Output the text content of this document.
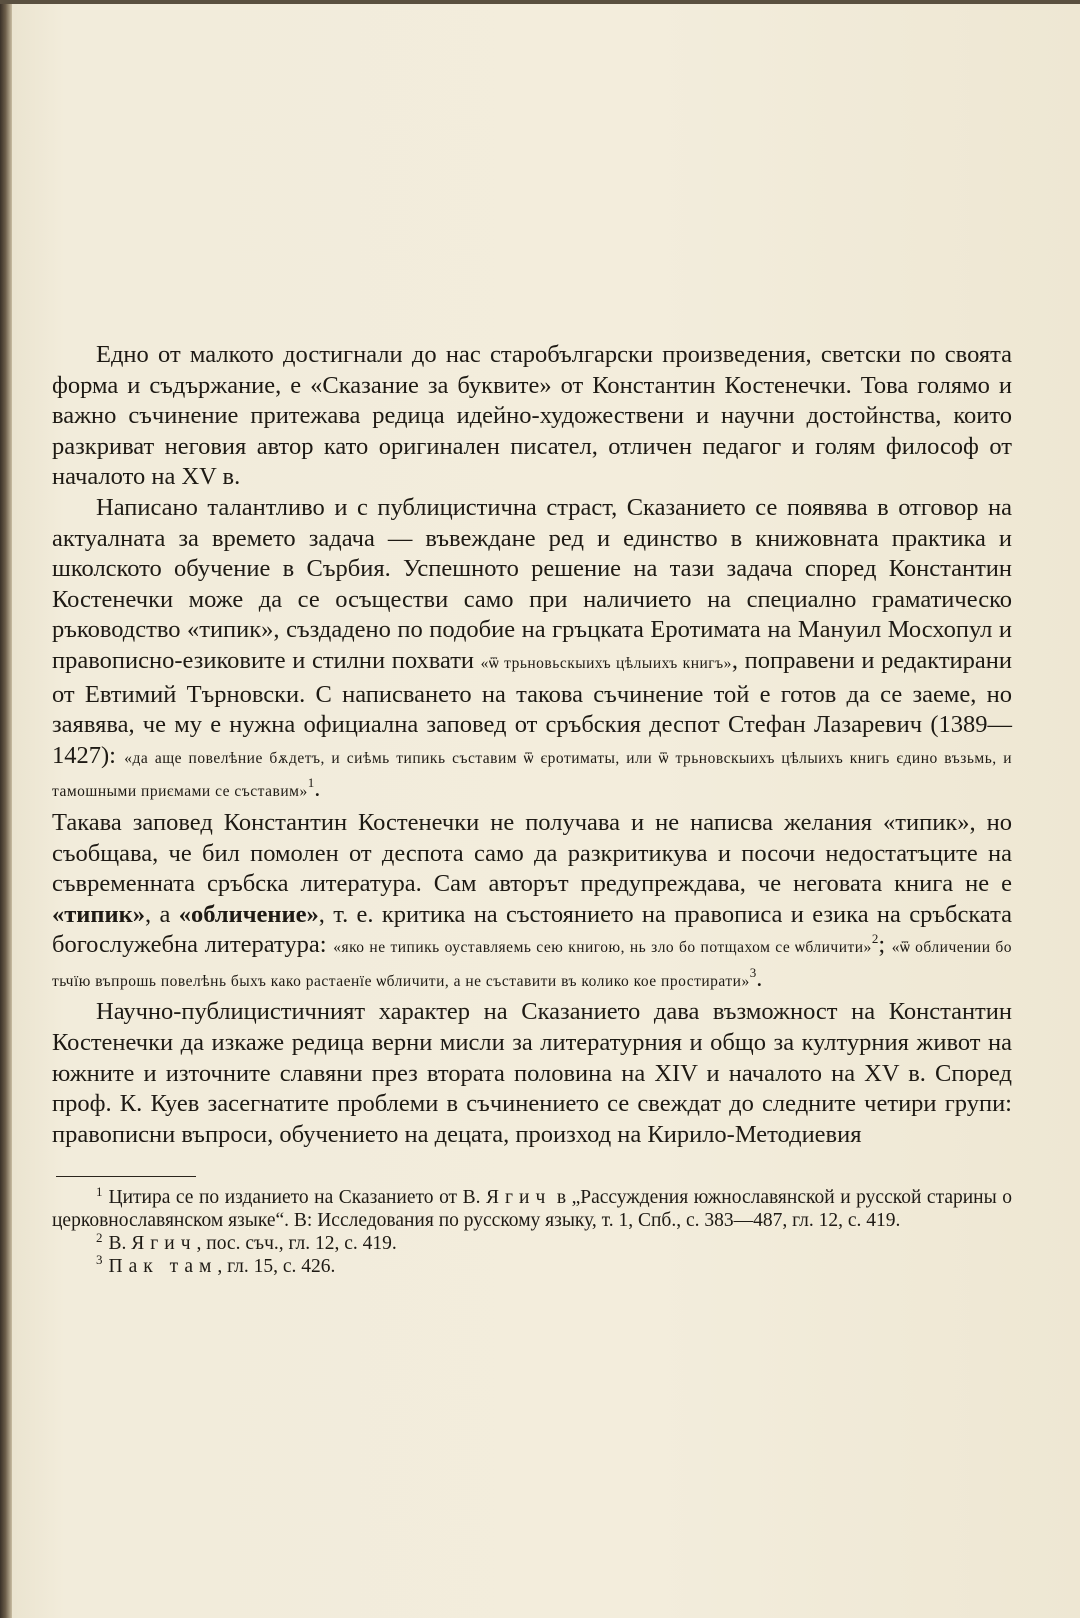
Едно от малкото достигнали до нас старобългарски произведения, светски по своята форма и съдържание, е «Сказание за буквите» от Константин Костенечки. Това голямо и важно съчинение притежава редица идейно-художествени и научни достойнства, които разкриват неговия автор като оригинален писател, отличен педагог и голям философ от началото на XV в.

Написано талантливо и с публицистична страст, Сказанието се появява в отговор на актуалната за времето задача — въвеждане ред и единство в книжовната практика и школското обучение в Сърбия. Успешното решение на тази задача според Константин Костенечки може да се осъществи само при наличието на специално граматическо ръководство «типик», създадено по подобие на гръцката Еротимата на Мануил Мосхопул и правописно-езиковите и стилни похвати «ѿ трьновьскыихъ цѣлыихъ книгъ», поправени и редактирани от Евтимий Търновски. С написването на такова съчинение той е готов да се заеме, но заявява, че му е нужна официална заповед от сръбския деспот Стефан Лазаревич (1389—1427): «да аще повелѣние бѫдетъ, и сиѣмь типикь съставим ѿ єротиматы, или ѿ трьновскыихъ цѣлыихъ книгь єдино възьмь, и тамошными приємами се съставим»$^1$.

Такава заповед Константин Костенечки не получава и не написва желания «типик», но съобщава, че бил помолен от деспота само да разкритикува и посочи недостатъците на съвременната сръбска литература. Сам авторът предупреждава, че неговата книга не е «типик», а «обличение», т. е. критика на състоянието на правописа и езика на сръбската богослужебна литература: «яко не типикь оуставляемь сею книгою, нь зло бо потщахом се ѡбличити»$^2$; «ѿ обличении бо тьчїю въпрошь повелѣнь быхъ како растаенїе ѡбличити, а не съставити въ колико кое простирати»$^3$.

Научно-публицистичният характер на Сказанието дава възможност на Константин Костенечки да изкаже редица верни мисли за литературния и общо за културния живот на южните и източните славяни през втората половина на XIV и началото на XV в. Според проф. К. Куев засегнатите проблеми в съчинението се свеждат до следните четири групи: правописни въпроси, обучението на децата, произход на Кирило-Методиевия

$^1$ Цитира се по изданието на Сказанието от В. Ягич в „Рассуждения южнославянской и русской старины о церковнославянском языке“. В: Исследования по русскому языку, т. 1, Спб., с. 383—487, гл. 12, с. 419.

$^2$ В. Ягич, пос. съч., гл. 12, с. 419.

$^3$ Пак там, гл. 15, с. 426.
